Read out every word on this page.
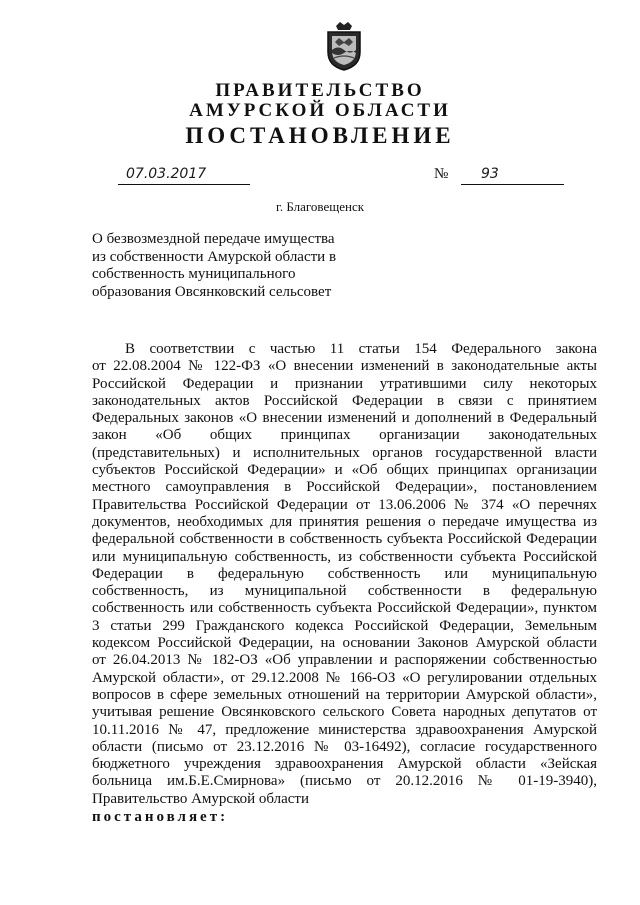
ПРАВИТЕЛЬСТВО
АМУРСКОЙ ОБЛАСТИ
ПОСТАНОВЛЕНИЕ
07.03.2017	№ 93
г. Благовещенск
О безвозмездной передаче имущества
из собственности Амурской области в
собственность муниципального
образования Овсянковский сельсовет
В соответствии с частью 11 статьи 154 Федерального закона
от 22.08.2004 № 122-ФЗ «О внесении изменений в законодательные акты
Российской Федерации и признании утратившими силу некоторых
законодательных актов Российской Федерации в связи с принятием
Федеральных законов «О внесении изменений и дополнений в Федеральный
закон «Об общих принципах организации законодательных
(представительных) и исполнительных органов государственной власти
субъектов Российской Федерации» и «Об общих принципах организации
местного самоуправления в Российской Федерации», постановлением
Правительства Российской Федерации от 13.06.2006 № 374 «О перечнях
документов, необходимых для принятия решения о передаче имущества из
федеральной собственности в собственность субъекта Российской Федерации
или муниципальную собственность, из собственности субъекта Российской
Федерации в федеральную собственность или муниципальную
собственность, из муниципальной собственности в федеральную
собственность или собственность субъекта Российской Федерации», пунктом
3 статьи 299 Гражданского кодекса Российской Федерации, Земельным
кодексом Российской Федерации, на основании Законов Амурской области
от 26.04.2013 № 182-ОЗ «Об управлении и распоряжении собственностью
Амурской области», от 29.12.2008 № 166-ОЗ «О регулировании отдельных
вопросов в сфере земельных отношений на территории Амурской области»,
учитывая решение Овсянковского сельского Совета народных депутатов от
10.11.2016 № 47, предложение министерства здравоохранения Амурской
области (письмо от 23.12.2016 № 03-16492), согласие государственного
бюджетного учреждения здравоохранения Амурской области «Зейская
больница им.Б.Е.Смирнова» (письмо от 20.12.2016 № 01-19-3940),
Правительство Амурской области
постановляет:
